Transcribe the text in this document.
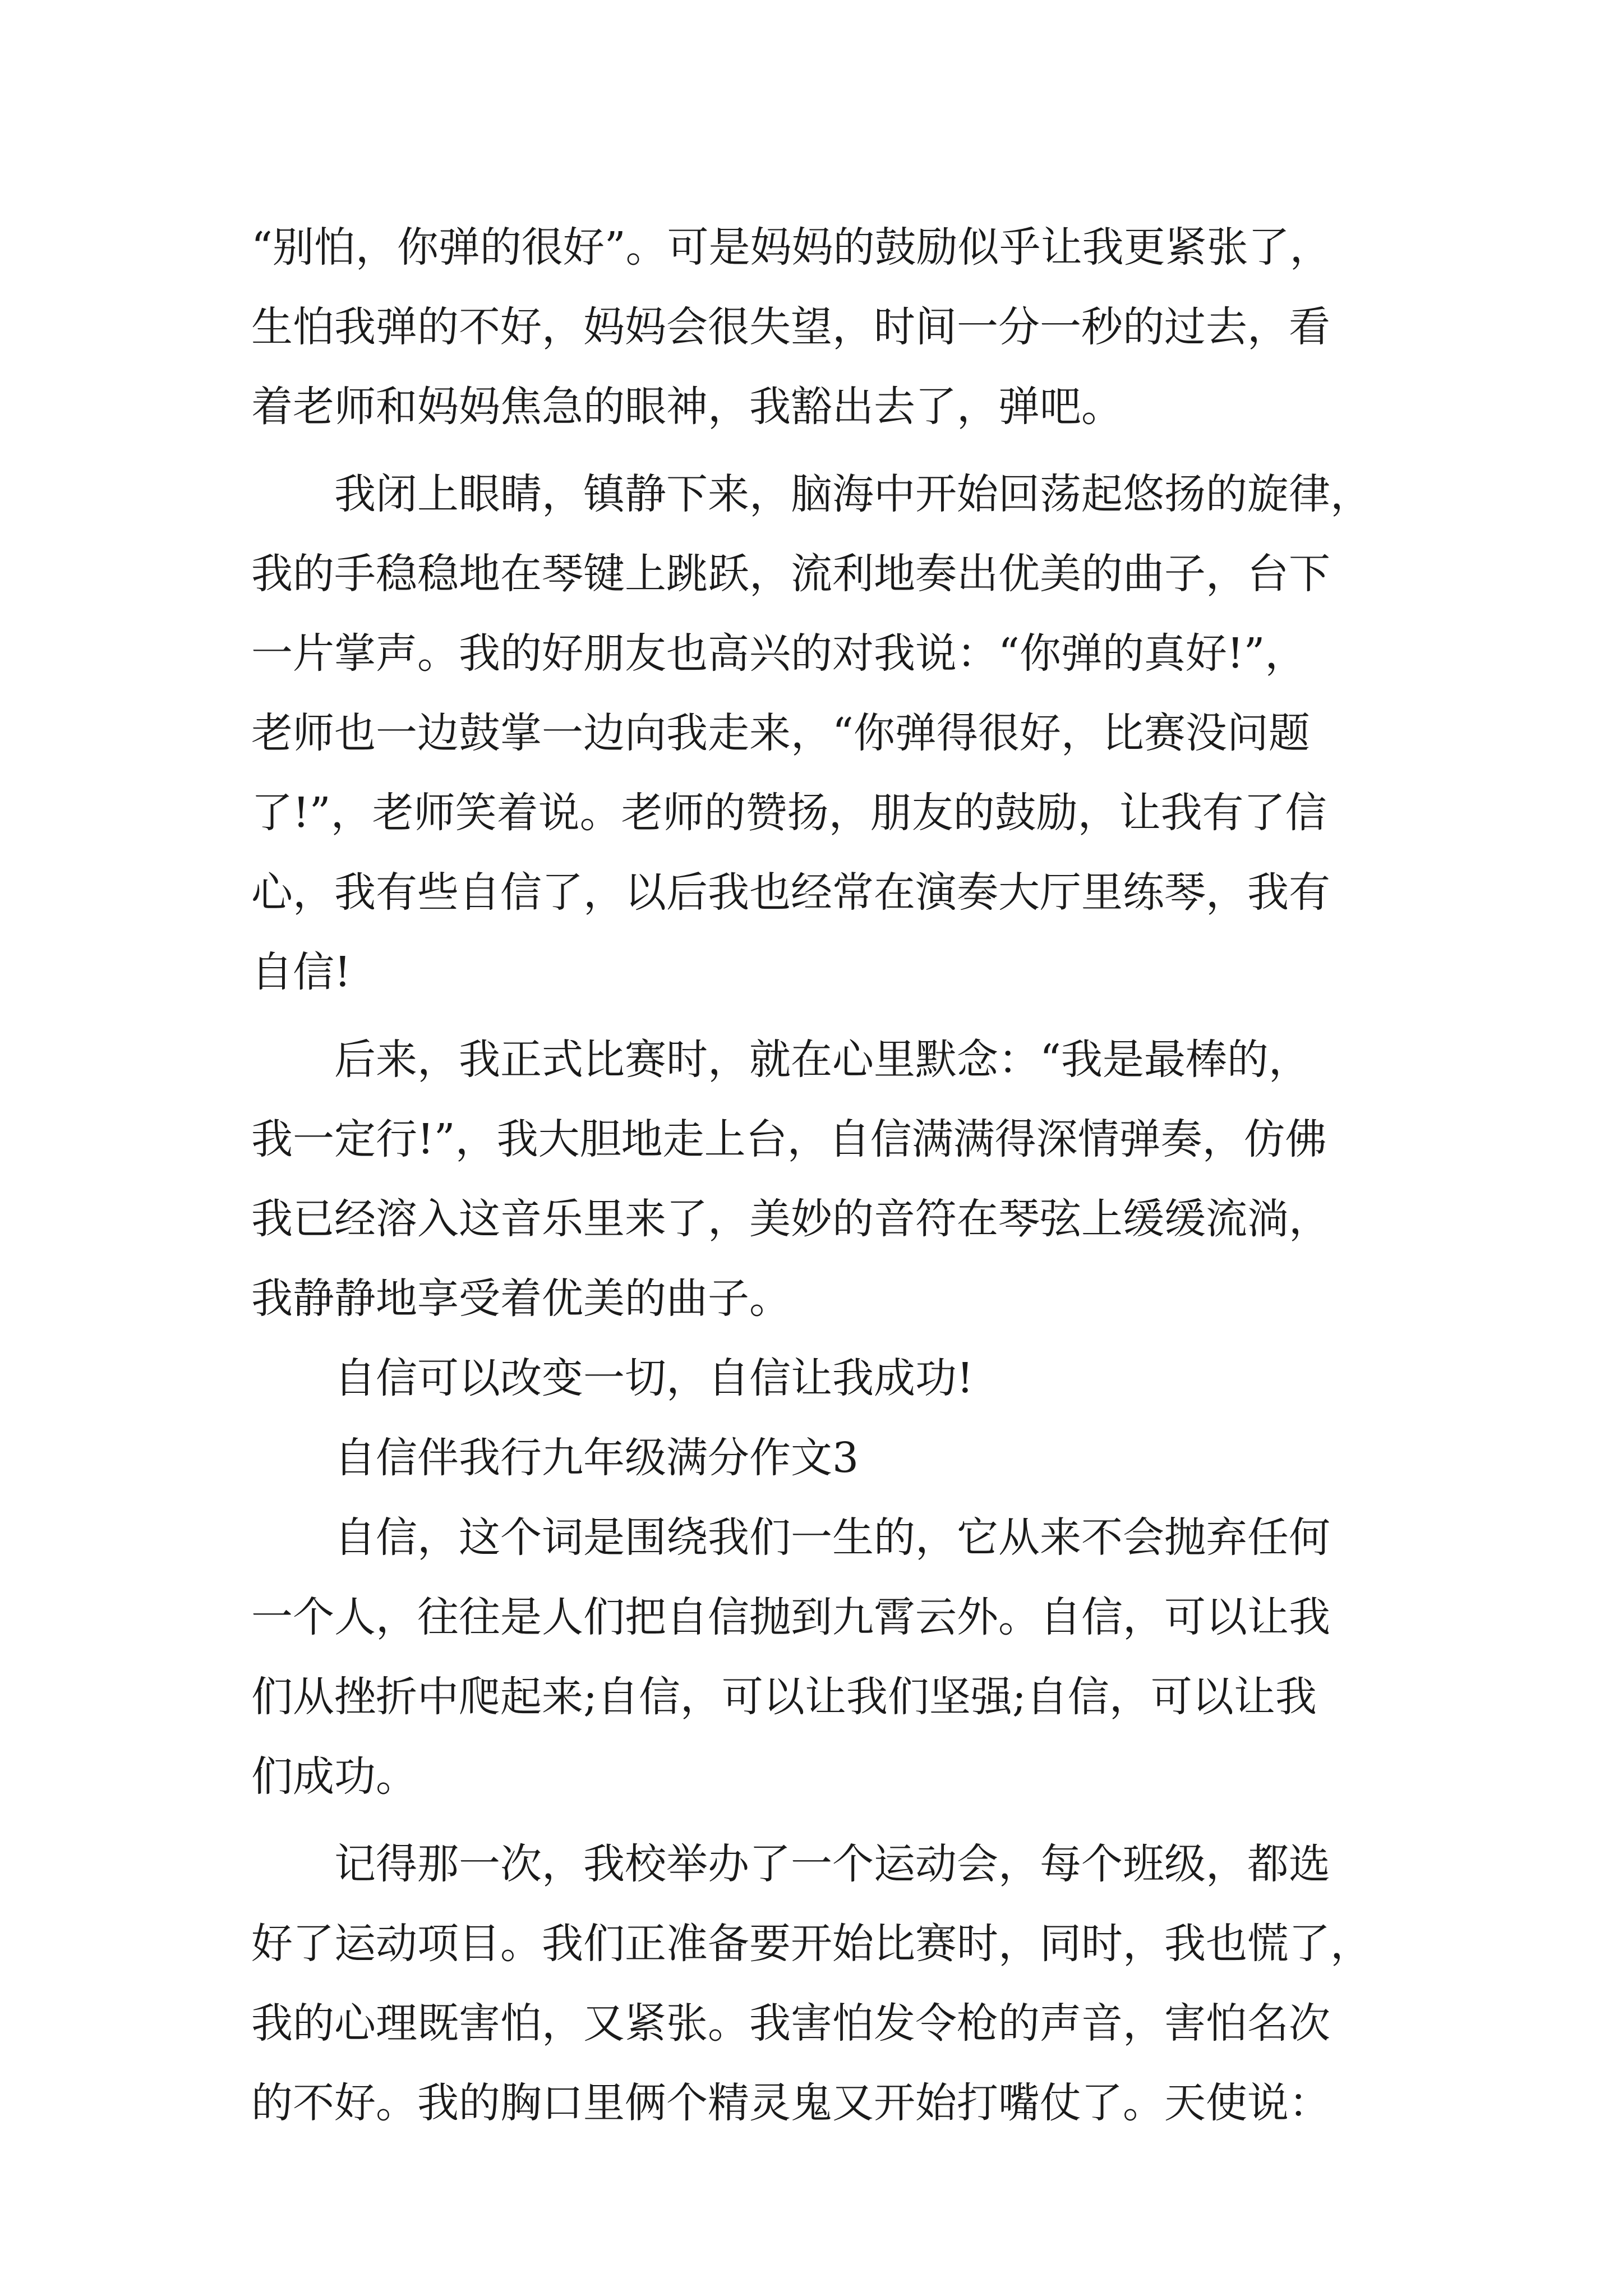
“别怕，你弹的很好”。可是妈妈的鼓励似乎让我更紧张了，
生怕我弹的不好，妈妈会很失望，时间一分一秒的过去，看
着老师和妈妈焦急的眼神，我豁出去了，弹吧。
我闭上眼睛，镇静下来，脑海中开始回荡起悠扬的旋律，
我的手稳稳地在琴键上跳跃，流利地奏出优美的曲子，台下
一片掌声。我的好朋友也高兴的对我说：“你弹的真好!”，
老师也一边鼓掌一边向我走来，“你弹得很好，比赛没问题
了!”，老师笑着说。老师的赞扬，朋友的鼓励，让我有了信
心，我有些自信了，以后我也经常在演奏大厅里练琴，我有
自信!
后来，我正式比赛时，就在心里默念：“我是最棒的，
我一定行!”，我大胆地走上台，自信满满得深情弹奏，仿佛
我已经溶入这音乐里来了，美妙的音符在琴弦上缓缓流淌，
我静静地享受着优美的曲子。
自信可以改变一切，自信让我成功!
自信伴我行九年级满分作文3
自信，这个词是围绕我们一生的，它从来不会抛弃任何
一个人，往往是人们把自信抛到九霄云外。自信，可以让我
们从挫折中爬起来;自信，可以让我们坚强;自信，可以让我
们成功。
记得那一次，我校举办了一个运动会，每个班级，都选
好了运动项目。我们正准备要开始比赛时，同时，我也慌了，
我的心理既害怕，又紧张。我害怕发令枪的声音，害怕名次
的不好。我的胸口里俩个精灵鬼又开始打嘴仗了。天使说：
